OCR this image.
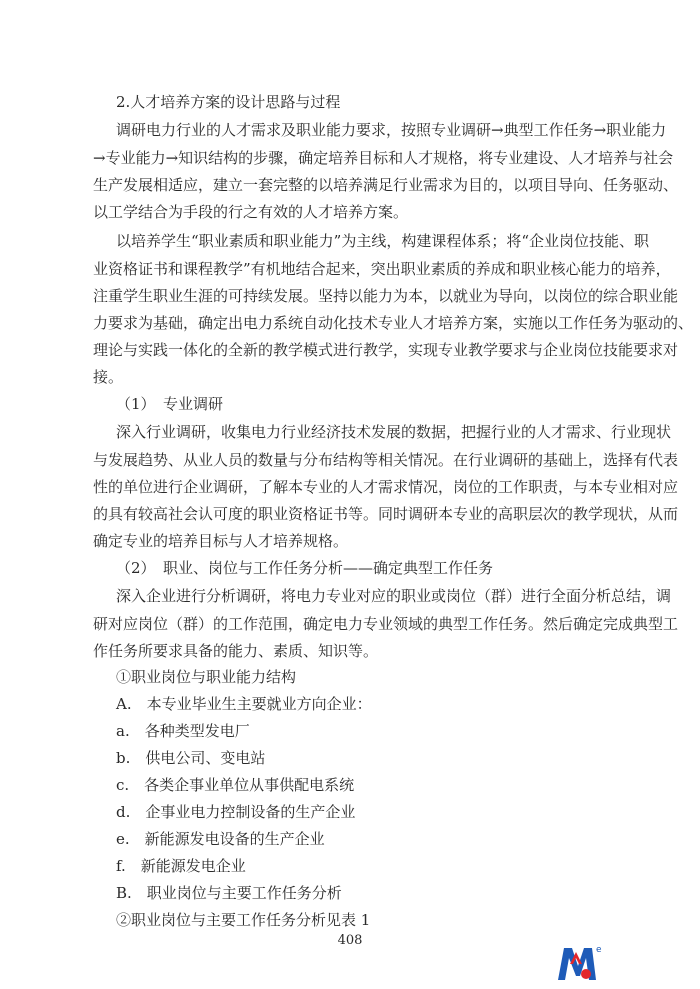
2.人才培养方案的设计思路与过程
调研电力行业的人才需求及职业能力要求，按照专业调研→典型工作任务→职业能力
→专业能力→知识结构的步骤，确定培养目标和人才规格，将专业建设、人才培养与社会
生产发展相适应，建立一套完整的以培养满足行业需求为目的，以项目导向、任务驱动、
以工学结合为手段的行之有效的人才培养方案。
以培养学生“职业素质和职业能力”为主线，构建课程体系；将“企业岗位技能、职
业资格证书和课程教学”有机地结合起来，突出职业素质的养成和职业核心能力的培养，
注重学生职业生涯的可持续发展。坚持以能力为本，以就业为导向，以岗位的综合职业能
力要求为基础，确定出电力系统自动化技术专业人才培养方案，实施以工作任务为驱动的、
理论与实践一体化的全新的教学模式进行教学，实现专业教学要求与企业岗位技能要求对
接。
（1）　专业调研
深入行业调研，收集电力行业经济技术发展的数据，把握行业的人才需求、行业现状
与发展趋势、从业人员的数量与分布结构等相关情况。在行业调研的基础上，选择有代表
性的单位进行企业调研，了解本专业的人才需求情况，岗位的工作职责，与本专业相对应
的具有较高社会认可度的职业资格证书等。同时调研本专业的高职层次的教学现状，从而
确定专业的培养目标与人才培养规格。
（2）　职业、岗位与工作任务分析——确定典型工作任务
深入企业进行分析调研，将电力专业对应的职业或岗位（群）进行全面分析总结，调
研对应岗位（群）的工作范围，确定电力专业领域的典型工作任务。然后确定完成典型工
作任务所要求具备的能力、素质、知识等。
①职业岗位与职业能力结构
A.　本专业毕业生主要就业方向企业：
a.　各种类型发电厂
b.　供电公司、变电站
c.　各类企事业单位从事供配电系统
d.　企事业电力控制设备的生产企业
e.　新能源发电设备的生产企业
f.　新能源发电企业
B.　职业岗位与主要工作任务分析
②职业岗位与主要工作任务分析见表 1
408
e
